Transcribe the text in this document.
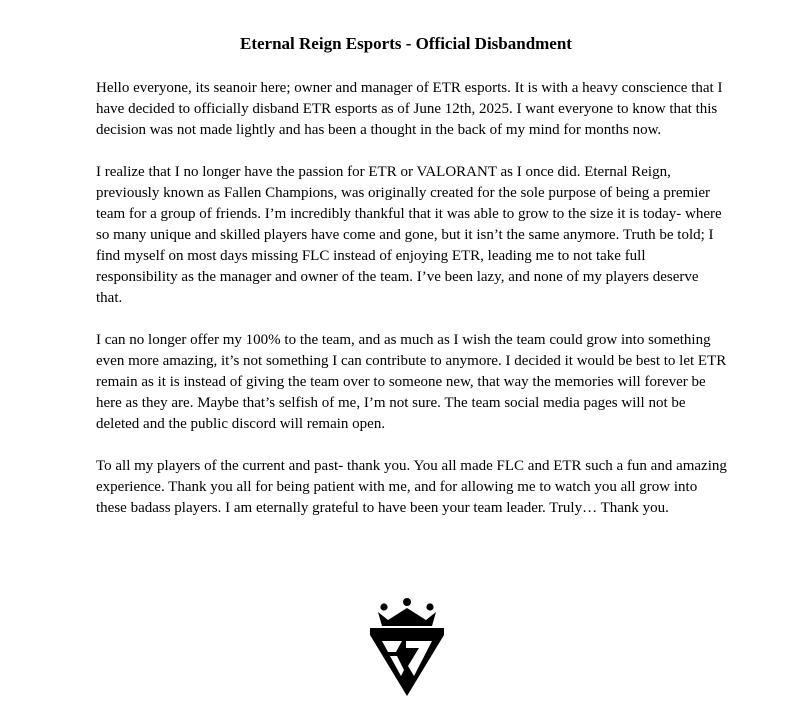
Eternal Reign Esports - Official Disbandment

Hello everyone, its seanoir here; owner and manager of ETR esports. It is with a heavy conscience that I have decided to officially disband ETR esports as of June 12th, 2025. I want everyone to know that this decision was not made lightly and has been a thought in the back of my mind for months now.

I realize that I no longer have the passion for ETR or VALORANT as I once did. Eternal Reign, previously known as Fallen Champions, was originally created for the sole purpose of being a premier team for a group of friends. I’m incredibly thankful that it was able to grow to the size it is today- where so many unique and skilled players have come and gone, but it isn’t the same anymore. Truth be told; I find myself on most days missing FLC instead of enjoying ETR, leading me to not take full responsibility as the manager and owner of the team. I’ve been lazy, and none of my players deserve that.

I can no longer offer my 100% to the team, and as much as I wish the team could grow into something even more amazing, it’s not something I can contribute to anymore. I decided it would be best to let ETR remain as it is instead of giving the team over to someone new, that way the memories will forever be here as they are. Maybe that’s selfish of me, I’m not sure. The team social media pages will not be deleted and the public discord will remain open.

To all my players of the current and past- thank you. You all made FLC and ETR such a fun and amazing experience. Thank you all for being patient with me, and for allowing me to watch you all grow into these badass players. I am eternally grateful to have been your team leader. Truly… Thank you.
